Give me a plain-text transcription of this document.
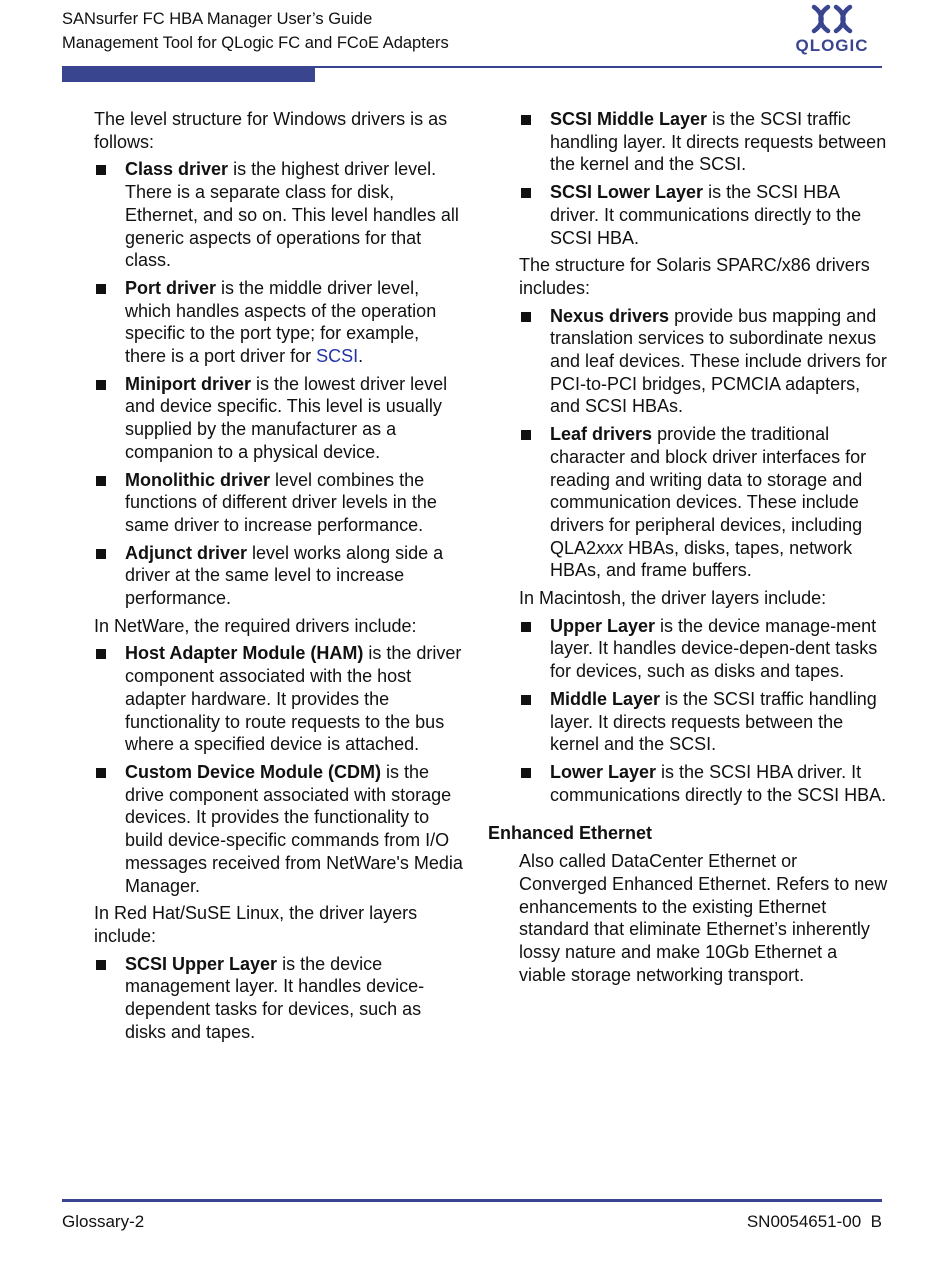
SANsurfer FC HBA Manager User’s Guide
Management Tool for QLogic FC and FCoE Adapters	QLOGIC

The level structure for Windows drivers is as follows:

Class driver is the highest driver level. There is a separate class for disk, Ethernet, and so on. This level handles all generic aspects of operations for that class.
Port driver is the middle driver level, which handles aspects of the operation specific to the port type; for example, there is a port driver for SCSI.
Miniport driver is the lowest driver level and device specific. This level is usually supplied by the manufacturer as a companion to a physical device.
Monolithic driver level combines the functions of different driver levels in the same driver to increase performance.
Adjunct driver level works along side a driver at the same level to increase performance.

In NetWare, the required drivers include:

Host Adapter Module (HAM) is the driver component associated with the host adapter hardware. It provides the functionality to route requests to the bus where a specified device is attached.
Custom Device Module (CDM) is the drive component associated with storage devices. It provides the functionality to build device-specific commands from I/O messages received from NetWare's Media Manager.

In Red Hat/SuSE Linux, the driver layers include:

SCSI Upper Layer is the device management layer. It handles device-dependent tasks for devices, such as disks and tapes.
SCSI Middle Layer is the SCSI traffic handling layer. It directs requests between the kernel and the SCSI.
SCSI Lower Layer is the SCSI HBA driver. It communications directly to the SCSI HBA.

The structure for Solaris SPARC/x86 drivers includes:

Nexus drivers provide bus mapping and translation services to subordinate nexus and leaf devices. These include drivers for PCI-to-PCI bridges, PCMCIA adapters, and SCSI HBAs.
Leaf drivers provide the traditional character and block driver interfaces for reading and writing data to storage and communication devices. These include drivers for peripheral devices, including QLA2xxx HBAs, disks, tapes, network HBAs, and frame buffers.

In Macintosh, the driver layers include:

Upper Layer is the device manage-ment layer. It handles device-depen-dent tasks for devices, such as disks and tapes.
Middle Layer is the SCSI traffic handling layer. It directs requests between the kernel and the SCSI.
Lower Layer is the SCSI HBA driver. It communications directly to the SCSI HBA.
Enhanced Ethernet

Also called DataCenter Ethernet or Converged Enhanced Ethernet. Refers to new enhancements to the existing Ethernet standard that eliminate Ethernet’s inherently lossy nature and make 10Gb Ethernet a viable storage networking transport.

Glossary-2	SN0054651-00  B
